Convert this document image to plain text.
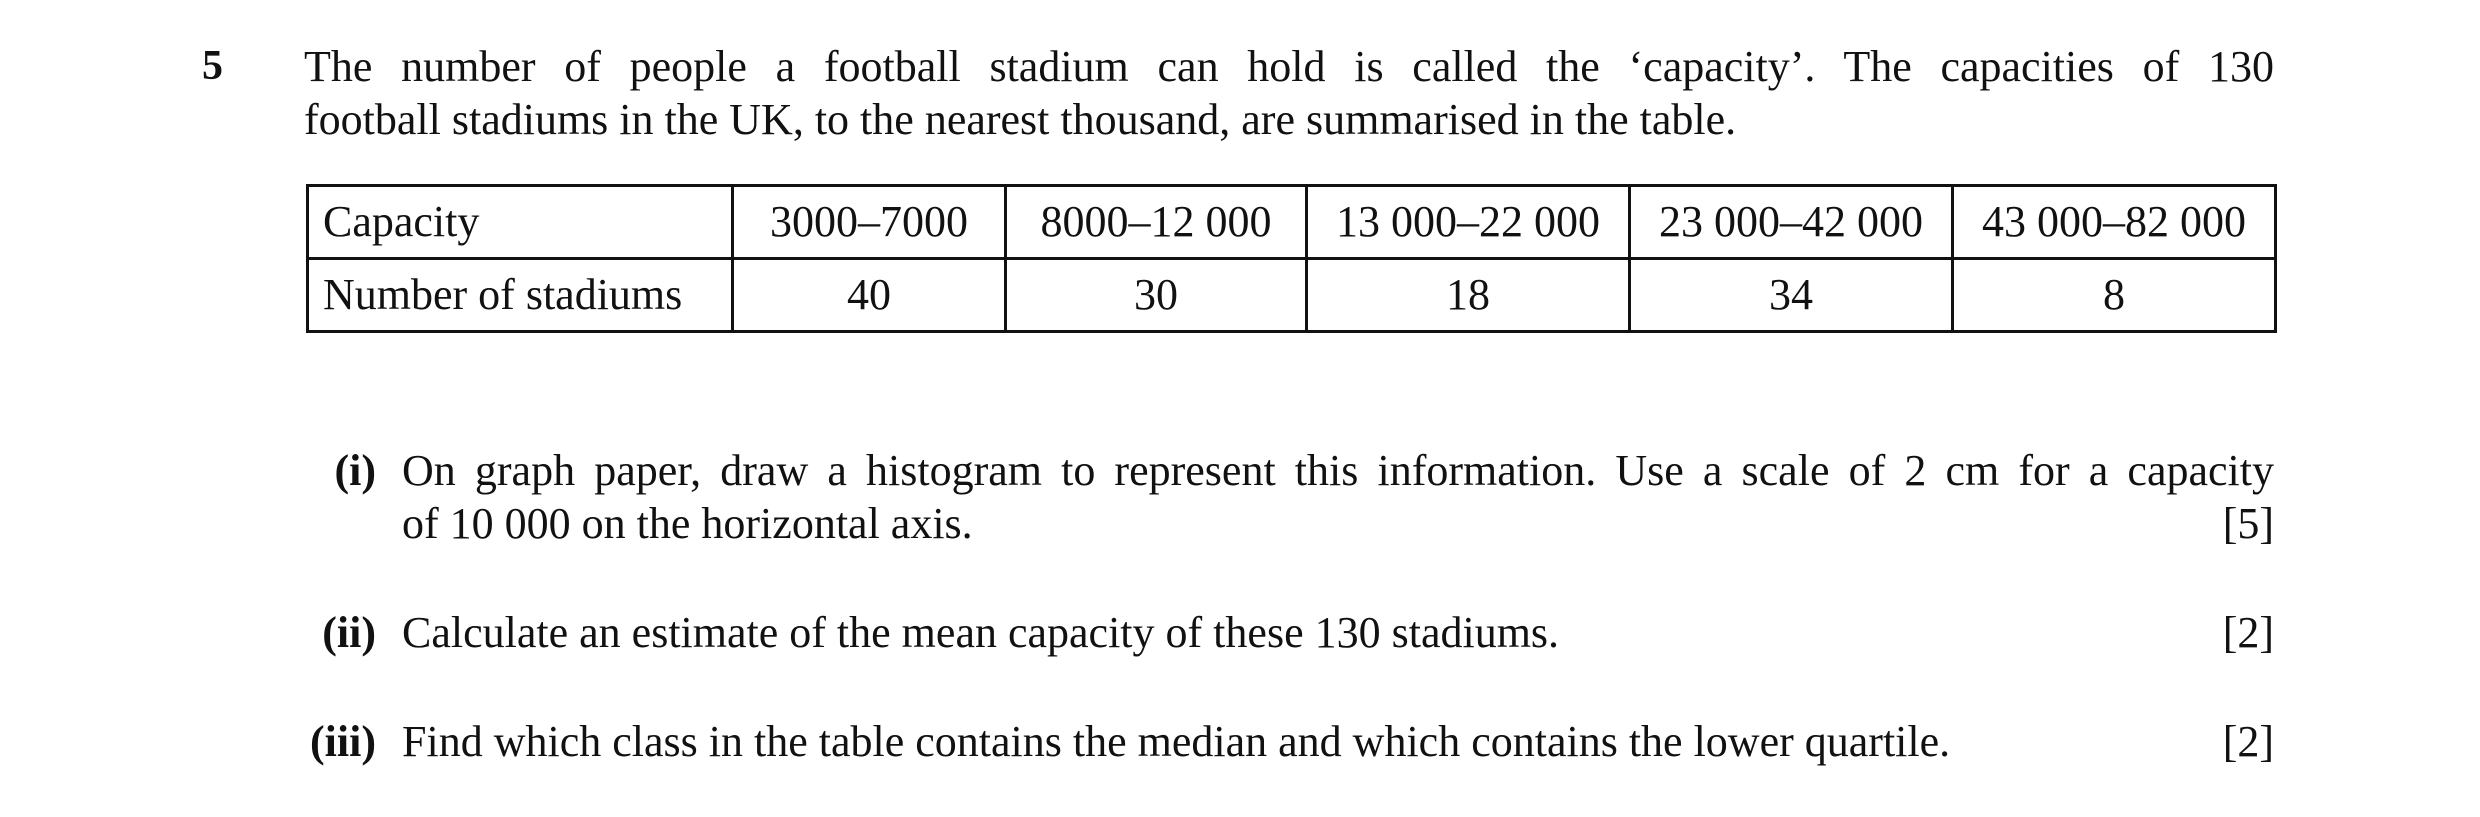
5 The number of people a football stadium can hold is called the ‘capacity’. The capacities of 130
football stadiums in the UK, to the nearest thousand, are summarised in the table.
Capacity	3000–7000	8000–12 000	13 000–22 000	23 000–42 000	43 000–82 000
Number of stadiums	40	30	18	34	8
(i) On graph paper, draw a histogram to represent this information. Use a scale of 2 cm for a capacity
of 10 000 on the horizontal axis.	[5]
(ii) Calculate an estimate of the mean capacity of these 130 stadiums.	[2]
(iii) Find which class in the table contains the median and which contains the lower quartile.	[2]
